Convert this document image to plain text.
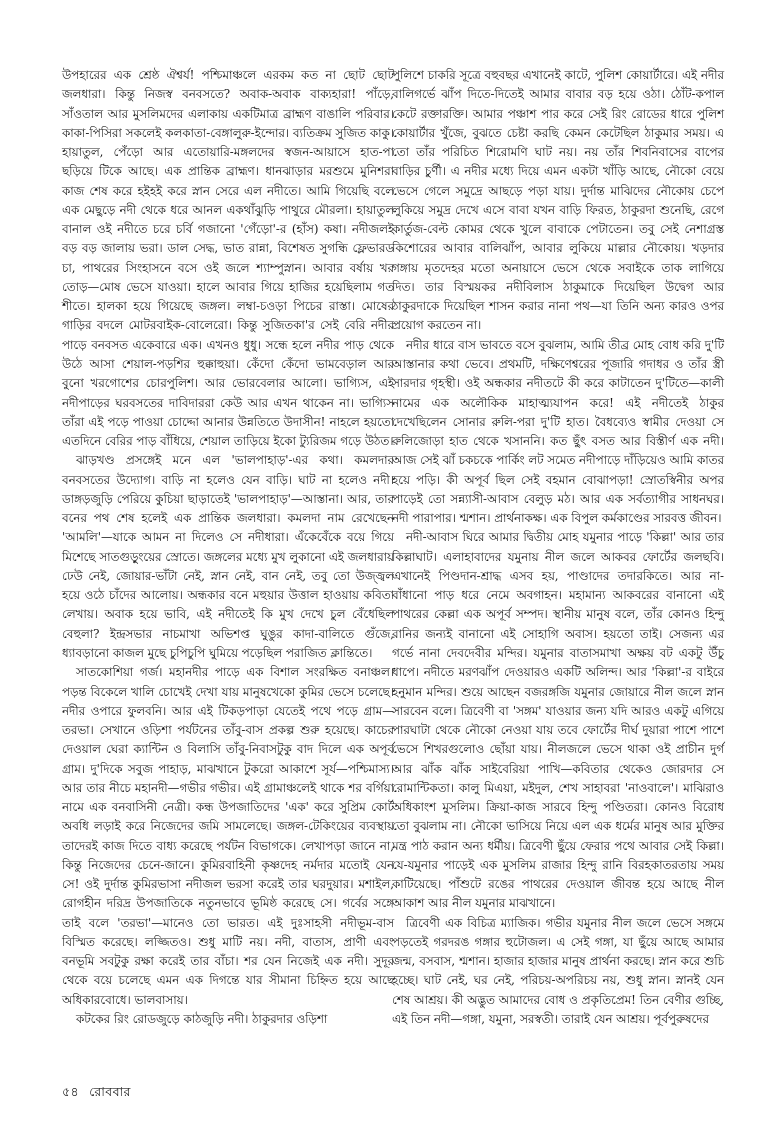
উপহারের এক শ্রেষ্ঠ ঐশ্বর্য! পশ্চিমাঞ্চলে এরকম কত না ছোট ছোট জলধারা। কিন্তু নিজস্ব বনবসতে? অবাক-অবাক বাক্যহারা! পাঁড়ে, সাঁওতাল আর মুসলিমদের এলাকায় একটিমাত্র ব্রাহ্মণ বাঙালি পরিবার। কাকা-পিসিরা সকলেই কলকাতা-বেঙ্গালুরু-ইন্দোর। ব্যতিক্রম সুজিত কাকু। হায়াতুল, পেঁড়ো আর এতোয়ারি-মঙ্গলদের স্বজন-আয়াসে হাত-পা ছড়িয়ে টিকে আছে। এক প্রান্তিক ব্রাহ্মণ। ধানঝাড়ার মরশুমে মুনিশরা কাজ শেষ করে হইহই করে স্নান সেরে এল নদীতে। আমি গিয়েছি বলে এক মেছুড়ে নদী থেকে ধরে আনল একথাঁঝুড়ি পাথুরে মৌরলা। হায়াতুল বানাল ওই নদীতে চরে চর্বি গজানো 'গেঁড়ো'-র (হাঁস) কষা। নদীজলই বড় বড় জালায় ভরা। ডাল সেদ্ধ, ভাত রান্না, বিশেষত সুগন্ধি ফ্লেভারড চা, পাথরের সিংহাসনে বসে ওই জলে শ্যাম্পুস্নান। আবার বর্ষায় খর তোড়—মোষ ভেসে যাওয়া। হালে আবার গিয়ে হাজির হয়েছিলাম গত শীতে। হালকা হয়ে গিয়েছে জঙ্গল। লম্বা-চওড়া পিচের রাস্তা। মোষের গাড়ির বদলে মোটরবাইক-বোলেরো। কিন্তু সুজিতকা'র সেই বেরি নদীর পাড়ে বনবসত একেবারে এক। এখনও ধুধু। সন্ধে হলে নদীর পাড় থেকে উঠে আসা শেয়াল-পড়শির হুক্কাহুয়া। কেঁদো কেঁদো ভামবেড়াল আর বুনো খরগোশের চোরপুলিশ। আর ভোরবেলার আলো। ভাগ্যিস, এই নদীপাড়ের ঘরবসতের দাবিদাররা কেউ আর এখন থাকেন না। ভাগ্যিস তাঁরা এই পড়ে পাওয়া চোদ্দো আনার উন্নতিতে উদাসীন! নাহলে হয়তো এতদিনে বেরির পাড় বাঁধিয়ে, শেয়াল তাড়িয়ে ইকো ট্যুরিজম গড়ে উঠত।

ঝাড়খণ্ড প্রসঙ্গেই মনে এল 'ভালপাহাড়'-এর কথা। কমলদার বনবসতের উদ্যোগ। বাড়ি না হলেও যেন বাড়ি। ঘাট না হলেও নদী। ডাঙ্গড়জুড়ি পেরিয়ে কুচিয়া ছাড়াতেই 'ভালপাহাড়'—আস্তানা। আর, তার বনের পথ শেষ হলেই এক প্রান্তিক জলধারা। কমলদা নাম রেখেছেন 'আমলি'—যাকে আমন না দিলেও সে নদীধারা। এঁকেবেঁকে বয়ে গিয়ে মিশেছে সাতগুড়ুংয়ের স্রোতে। জঙ্গলের মধ্যে মুখ লুকানো এই জলধারায় ঢেউ নেই, জোয়ার-ভাঁটা নেই, স্নান নেই, বান নেই, তবু তো উজ্জ্বল হয়ে ওঠে চাঁদের আলোয়। অন্ধকার বনে মহুয়ার উত্তাল হাওয়ায় কবিতা লেখায়। অবাক হয়ে ভাবি, এই নদীতেই কি মুখ দেখে চুল বেঁধেছিল বেহুলা? ইন্দ্রসভার নাচমাখা অভিশপ্ত ঘুঙুর কাদা-বালিতে গুঁজে, ধ্যাবড়ানো কাজল মুছে চুপিচুপি ঘুমিয়ে পড়েছিল পরাজিত ক্লান্তিতে।

সাতকোশিয়া গর্জ। মহানদীর পাড়ে এক বিশাল সংরক্ষিত বনাঞ্চল। পড়ন্ত বিকেলে খালি চোখেই দেখা যায় মানুষখেকো কুমির ভেসে চলেছে। নদীর ওপারে ফুলবনি। আর এই টিকড়পাড়া যেতেই পথে পড়ে গ্রাম—তরভা। সেখানে ওড়িশা পর্যটনের তাঁবু-বাস প্রকল্প শুরু হয়েছে। কাচের দেওয়াল ঘেরা ক্যান্টিন ও বিলাসি তাঁবু-নিবাসটুকু বাদ দিলে এক অপূর্ব গ্রাম। দু'দিকে সবুজ পাহাড়, মাঝখানে টুকরো আকাশে সূর্য—পশ্চিমাস্য। আর তার নীচে মহানদী—গভীর গভীর। এই গ্রামাঞ্চলেই থাকে শর বর্গিয়া নামে এক বনবাসিনী নেত্রী। কন্ধ উপজাতিদের 'এক' করে সুপ্রিম কোর্ট অবধি লড়াই করে নিজেদের জমি সামলেছে। জঙ্গল-টেকিংয়ের ব্যবস্থায় তাদেরই কাজ দিতে বাধ্য করেছে পর্যটন বিভাগকে। লেখাপড়া জানে না, কিন্তু নিজেদের চেনে-জানে। কুমিরবাহিনী কৃষ্ণদেহ নর্মদার মতোই যেন সে! ওই দুর্দান্ত কুমিরভাসা নদীজল ভরসা করেই তার ঘরদুয়ার। মশাইল, রোগহীন দরিদ্র উপজাতিকে নতুনভাবে ভূমিষ্ঠ করেছে সে। গর্বের সঙ্গে তাই বলে 'তরভা'—মানেও তো ভারত। এই দুঃসাহসী নদীভূম-বাস বিস্মিত করেছে। লজ্জিতও। শুধু মাটি নয়। নদী, বাতাস, প্রাণী এবং বনভূমি সবটুকু রক্ষা করেই তার বাঁচা। শর যেন নিজেই এক নদী। সুদূর থেকে বয়ে চলেছে এমন এক দিগন্তে যার সীমানা চিহ্নিত হয়ে আছে অধিকারবোধে। ভালবাসায়।

কটকের রিং রোডজুড়ে কাঠজুড়ি নদী। ঠাকুরদার ওড়িশা

পুলিশে চাকরি সূত্রে বহুবছর এখানেই কাটে, পুলিশ কোয়ার্টারে। এই নদীর বালিগর্ভে ঝাঁপ দিতে-দিতেই আমার বাবার বড় হয়ে ওঠা। ঠোঁট-কপাল কেটে রক্তারক্তি। আমার পঞ্চাশ পার করে সেই রিং রোডের ধারে পুলিশ কোয়ার্টার খুঁজে, বুঝতে চেষ্টা করছি কেমন কেটেছিল ঠাকুমার সময়। এ তো তাঁর পরিচিত শিরোমণি ঘাট নয়। নয় তাঁর শিবনিবাসের বাপের বাড়ির চুর্ণী। এ নদীর মধ্যে দিয়ে এমন একটা খাঁড়ি আছে, নৌকো বেয়ে ভেসে গেলে সমুদ্রে আছড়ে পড়া যায়। দুর্দান্ত মাঝিদের নৌকোয় চেপে লুকিয়ে সমুদ্র দেখে এসে বাবা যখন বাড়ি ফিরত, ঠাকুরদা শুনেছি, রেগে কার্তুজ-বেল্ট কোমর থেকে খুলে বাবাকে পেটাতেন। তবু সেই নেশাগ্রস্ত কিশোরের আবার বালিঝাঁপ, আবার লুকিয়ে মাল্লার নৌকোয়। খড়দার গঙ্গায় মৃতদেহর মতো অনায়াসে ভেসে থেকে সবাইকে তাক লাগিয়ে দিত। তার বিস্ময়কর নদীবিলাস ঠাকুমাকে দিয়েছিল উদ্বেগ আর ঠাকুরদাকে দিয়েছিল শাসন করার নানা পথ—যা তিনি অন্য কারও ওপর প্রয়োগ করতেন না।

নদীর ধারে বাস ভাবতে বসে বুঝলাম, আমি তীব্র মোহ বোধ করি দু'টি আস্তানার কথা ভেবে। প্রথমটি, দক্ষিণেশ্বরের পূজারি গদাধর ও তাঁর স্ত্রী সারদার গৃহস্থী। ওই অন্ধকার নদীতটে কী করে কাটাতেন দু'টিতে—কালী নামের এক অলৌকিক মাহাত্ম্যযাপন করে! এই নদীতেই ঠাকুর দেখেছিলেন সোনার রুলি-পরা দু'টি হাত। বৈধব্যেও স্বামীর দেওয়া সে রুলিজোড়া হাত থেকে খসাননি। কত ছুঁৎ বসত আর বিস্তীর্ণ এক নদী। আজ সেই ঝাঁ চকচকে পার্কিং লট সমেত নদীপাড়ে দাঁড়িয়েও আমি কাতর হয়ে পড়ি। কী অপূর্ব ছিল সেই বহমান বোঝাপড়া! স্রোতস্বিনীর অপর পাড়েই তো সন্ন্যাসী-আবাস বেলুড় মঠ। আর এক সর্বত্যাগীর সাধনঘর। নদী পারাপার। শ্মশান। প্রার্থনাকক্ষ। এক বিপুল কর্মকাণ্ডের সারবত্ত জীবন।

নদী-আবাস ঘিরে আমার দ্বিতীয় মোহ যমুনার পাড়ে 'কিল্লা' আর তার কিল্লাঘাট। এলাহাবাদের যমুনায় নীল জলে আকবর ফোর্টের জলছবি। এখানেই পিণ্ডদান-শ্রাদ্ধ এসব হয়, পাণ্ডাদের তদারকিতে। আর না-বাঁধানো পাড় ধরে নেমে অবগাহন। মহামান্য আকবরের বানানো এই পাথরের কেল্লা এক অপূর্ব সম্পদ। স্থানীয় মানুষ বলে, তাঁর কোনও হিন্দু রানির জন্যই বানানো এই সোহাগি অবাস। হয়তো তাই। সেজন্য এর গর্ভে নানা দেবদেবীর মন্দির। যমুনার বাতাসমাখা অক্ষয় বট একটু উঁচু ধাপে। নদীতে মরণঝাঁপ দেওয়ারও একটি অলিন্দ। আর 'কিল্লা'-র বাইরে হনুমান মন্দির। শুয়ে আছেন বজরঙ্গজি যমুনার জোয়ারে নীল জলে স্নান সারবেন বলে। ত্রিবেণী বা 'সঙ্গম' যাওয়ার জন্য যদি আরও একটু এগিয়ে পারঘাটা থেকে নৌকো নেওয়া যায় তবে ফোর্টের দীর্ঘ দুয়ারা পাশে পাশে ভেসে শিখরগুলোও ছোঁয়া যায়। নীলজলে ভেসে থাকা ওই প্রাচীন দুর্গ আর ঝাঁক ঝাঁক সাইবেরিয়া পাখি—কবিতার থেকেও জোরদার সে রোমান্টিকতা। কালু মিএয়া, মইদুল, শেখ সাহাবরা 'নাওবালে'। মাঝিরাও অধিকাংশ মুসলিম। ক্রিয়া-কাজ সারবে হিন্দু পণ্ডিতরা। কোনও বিরোধ তো বুঝলাম না। নৌকো ভাসিয়ে নিয়ে এল এক ধর্মের মানুষ আর মুক্তির মন্ত্র পাঠ করান অন্য ধর্মীয়। ত্রিবেণী ছুঁয়ে ফেরার পথে আবার সেই কিল্লা। যে-যমুনার পাড়েই এক মুসলিম রাজার হিন্দু রানি বিরহকাতরতায় সময় কাটিয়েছে। পাঁশুটে রঙের পাথরের দেওয়াল জীবন্ত হয়ে আছে নীল আকাশ আর নীল যমুনার মাঝখানে।

ত্রিবেণী এক বিচিত্র ম্যাজিক। গভীর যমুনার নীল জলে ভেসে সঙ্গমে পড়তেই গরদরঙ গঙ্গার হুটোজল। এ সেই গঙ্গা, যা ছুঁয়ে আছে আমার জন্ম, বসবাস, শ্মশান। হাজার হাজার মানুষ প্রার্থনা করছে। স্নান করে শুচি হচ্ছে। ঘাট নেই, ঘর নেই, পরিচয়-অপরিচয় নয়, শুধু স্নান। স্নানই যেন শেষ আশ্রয়। কী অদ্ভুত আমাদের বোধ ও প্রকৃতিপ্রেম! তিন বেণীর গুচ্ছি, এই তিন নদী—গঙ্গা, যমুনা, সরস্বতী। তারাই যেন আশ্রয়। পূর্বপুরুষদের

৫৪ রোববার
